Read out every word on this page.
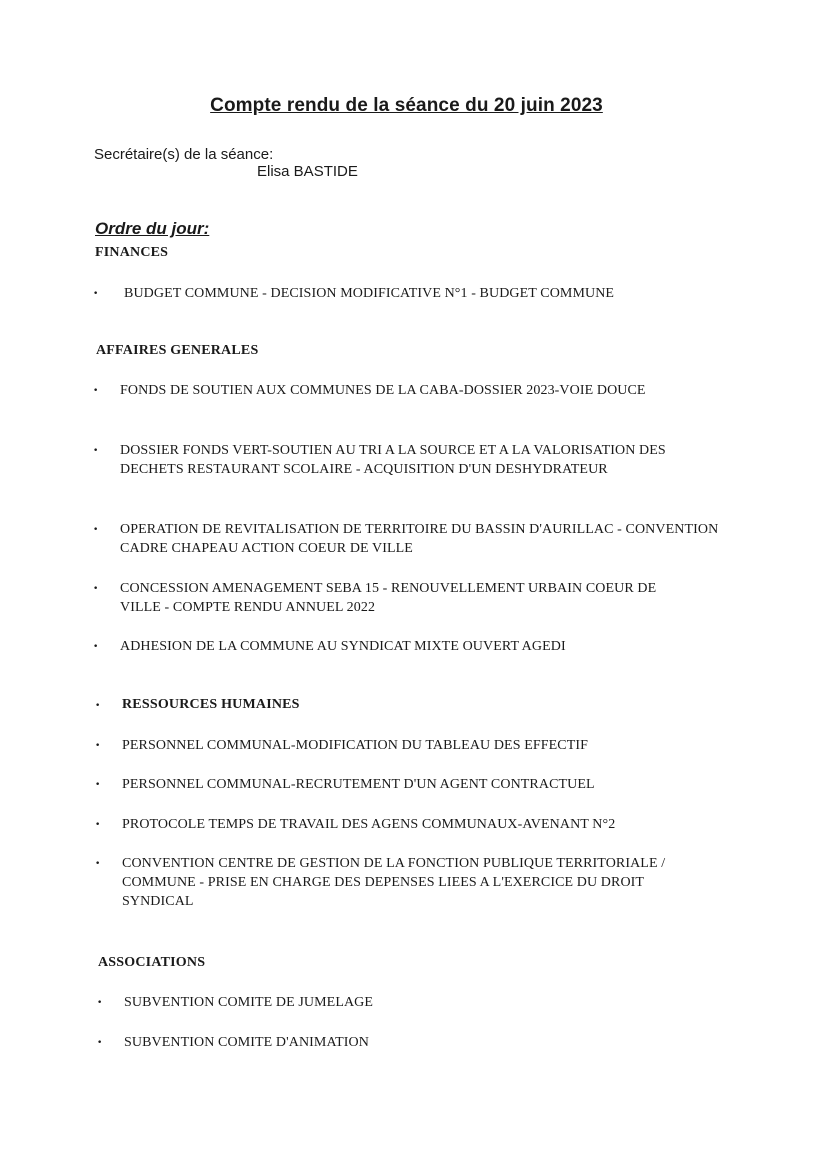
Compte rendu de la séance du 20 juin 2023
Secrétaire(s) de la séance:
Elisa BASTIDE
Ordre du jour:
FINANCES
• BUDGET COMMUNE - DECISION MODIFICATIVE N°1 - BUDGET COMMUNE
AFFAIRES GENERALES
• FONDS DE SOUTIEN AUX COMMUNES DE LA CABA-DOSSIER 2023-VOIE DOUCE
• DOSSIER FONDS VERT-SOUTIEN AU TRI A LA SOURCE ET A LA VALORISATION DES DECHETS RESTAURANT SCOLAIRE - ACQUISITION D'UN DESHYDRATEUR
• OPERATION DE REVITALISATION DE TERRITOIRE DU BASSIN D'AURILLAC - CONVENTION CADRE CHAPEAU ACTION COEUR DE VILLE
• CONCESSION AMENAGEMENT SEBA 15 - RENOUVELLEMENT URBAIN COEUR DE VILLE - COMPTE RENDU ANNUEL 2022
• ADHESION DE LA COMMUNE AU SYNDICAT MIXTE OUVERT AGEDI
• RESSOURCES HUMAINES
• PERSONNEL COMMUNAL-MODIFICATION DU TABLEAU DES EFFECTIF
• PERSONNEL COMMUNAL-RECRUTEMENT D'UN AGENT CONTRACTUEL
• PROTOCOLE TEMPS DE TRAVAIL DES AGENS COMMUNAUX-AVENANT N°2
• CONVENTION CENTRE DE GESTION DE LA FONCTION PUBLIQUE TERRITORIALE / COMMUNE - PRISE EN CHARGE DES DEPENSES LIEES A L'EXERCICE DU DROIT SYNDICAL
ASSOCIATIONS
• SUBVENTION COMITE DE JUMELAGE
• SUBVENTION COMITE D'ANIMATION
